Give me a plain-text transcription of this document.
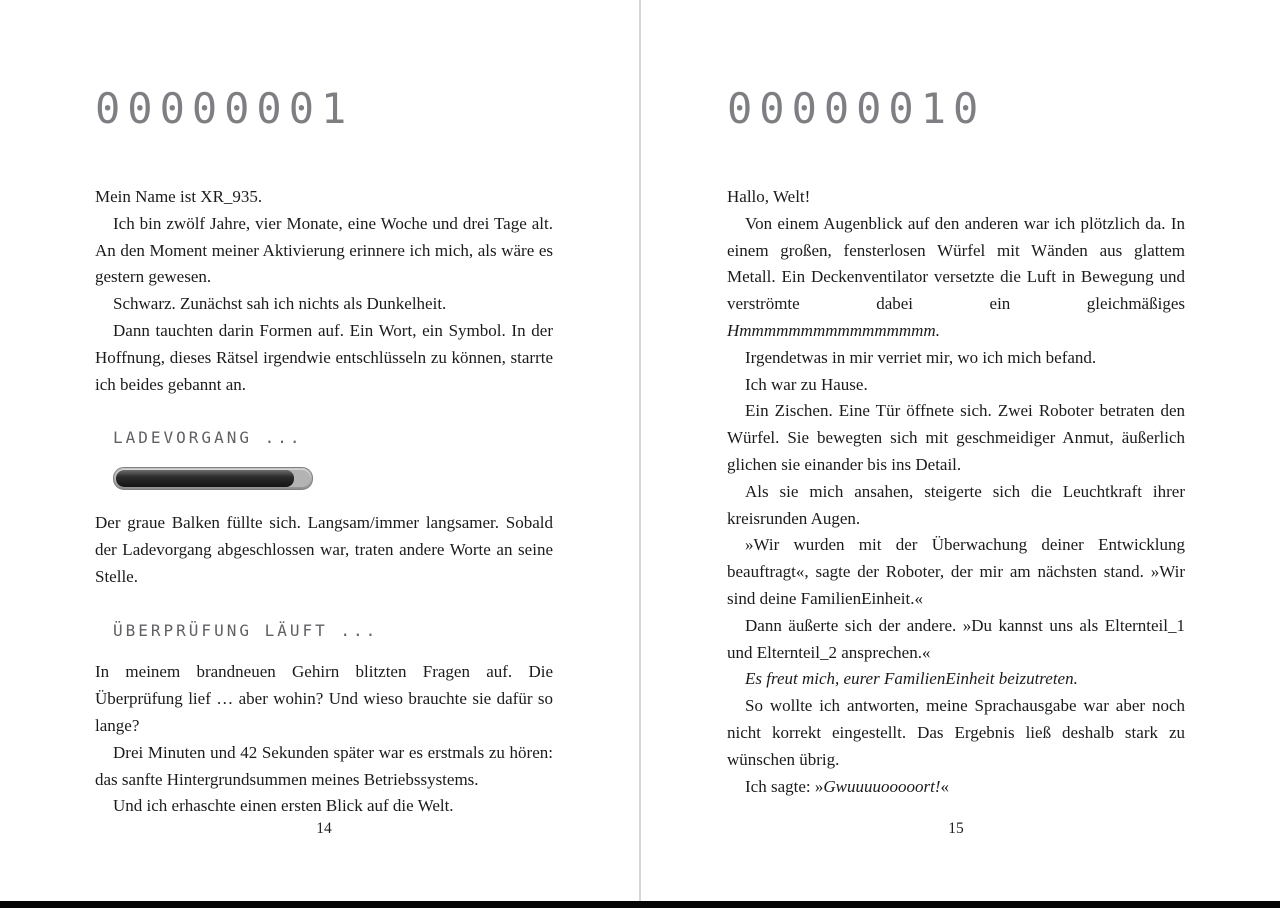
00000001

Mein Name ist XR_935.

Ich bin zwölf Jahre, vier Monate, eine Woche und drei Tage alt. An den Moment meiner Aktivierung erinnere ich mich, als wäre es gestern gewesen.

Schwarz. Zunächst sah ich nichts als Dunkelheit.

Dann tauchten darin Formen auf. Ein Wort, ein Symbol. In der Hoffnung, dieses Rätsel irgendwie entschlüsseln zu können, starrte ich beides gebannt an.

LADEVORGANG ...

Der graue Balken füllte sich. Langsam/immer langsamer. Sobald der Ladevorgang abgeschlossen war, traten andere Worte an seine Stelle.

ÜBERPRÜFUNG LÄUFT ...

In meinem brandneuen Gehirn blitzten Fragen auf. Die Überprüfung lief … aber wohin? Und wieso brauchte sie dafür so lange?

Drei Minuten und 42 Sekunden später war es erstmals zu hören: das sanfte Hintergrundsummen meines Betriebssystems.

Und ich erhaschte einen ersten Blick auf die Welt.

14
00000010

Hallo, Welt!

Von einem Augenblick auf den anderen war ich plötzlich da. In einem großen, fensterlosen Würfel mit Wänden aus glattem Metall. Ein Deckenventilator versetzte die Luft in Bewegung und verströmte dabei ein gleichmäßiges Hmmmmmmmmmmmmmmmm.

Irgendetwas in mir verriet mir, wo ich mich befand.

Ich war zu Hause.

Ein Zischen. Eine Tür öffnete sich. Zwei Roboter betraten den Würfel. Sie bewegten sich mit geschmeidiger Anmut, äußerlich glichen sie einander bis ins Detail.

Als sie mich ansahen, steigerte sich die Leuchtkraft ihrer kreisrunden Augen.

»Wir wurden mit der Überwachung deiner Entwicklung beauftragt«, sagte der Roboter, der mir am nächsten stand. »Wir sind deine FamilienEinheit.«

Dann äußerte sich der andere. »Du kannst uns als Elternteil_1 und Elternteil_2 ansprechen.«

Es freut mich, eurer FamilienEinheit beizutreten.

So wollte ich antworten, meine Sprachausgabe war aber noch nicht korrekt eingestellt. Das Ergebnis ließ deshalb stark zu wünschen übrig.

Ich sagte: »Gwuuuuooooort!«

15
